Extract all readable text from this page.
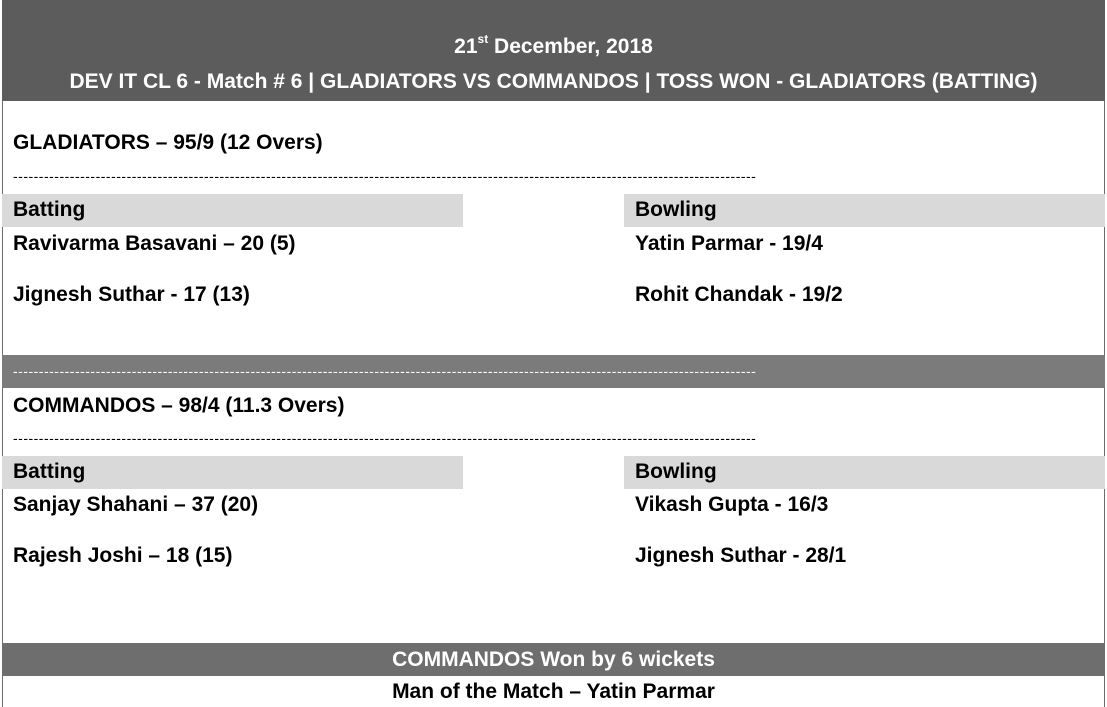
21st December, 2018
DEV IT CL 6 - Match # 6 | GLADIATORS VS COMMANDOS | TOSS WON - GLADIATORS (BATTING)
GLADIATORS – 95/9 (12 Overs)
------------------------------------------------------------------------------------------------------------------------------------------------
Batting	Bowling
Ravivarma Basavani – 20 (5)
Jignesh Suthar - 17 (13)
Yatin Parmar - 19/4
Rohit Chandak - 19/2
------------------------------------------------------------------------------------------------------------------------------------------------
COMMANDOS – 98/4 (11.3 Overs)
------------------------------------------------------------------------------------------------------------------------------------------------
Batting	Bowling
Sanjay Shahani – 37 (20)
Rajesh Joshi – 18 (15)
Vikash Gupta - 16/3
Jignesh Suthar - 28/1
COMMANDOS Won by 6 wickets
Man of the Match – Yatin Parmar
